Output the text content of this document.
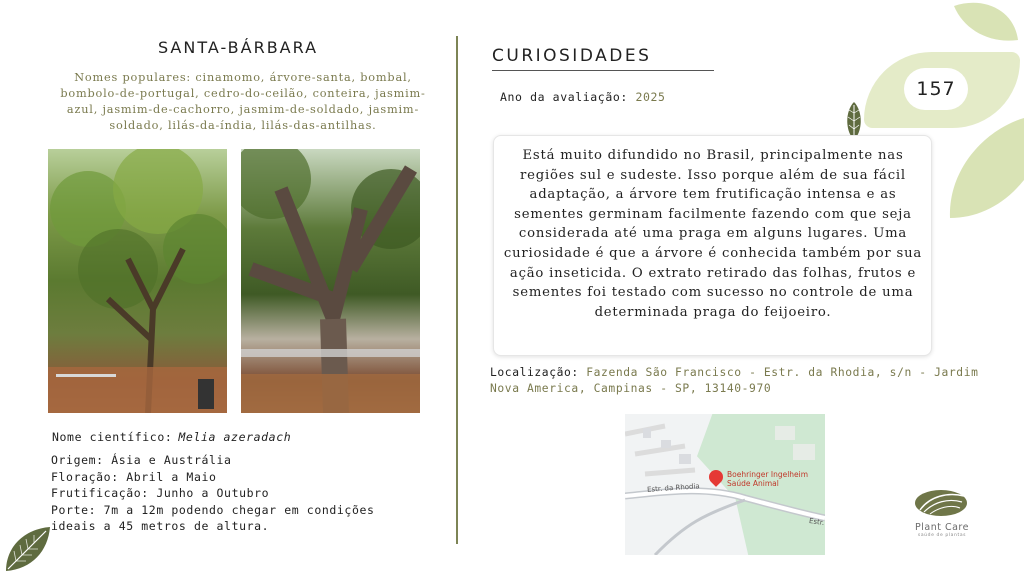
SANTA-BÁRBARA
Nomes populares: cinamomo, árvore-santa, bombal, bombolo-de-portugal, cedro-do-ceilão, conteira, jasmim-azul, jasmim-de-cachorro, jasmim-de-soldado, jasmim-soldado, lilás-da-índia, lilás-das-antilhas.
Nome científico: Melia azeradach

Origem: Ásia e Austrália

Floração: Abril a Maio

Frutificação: Junho a Outubro

Porte: 7m a 12m podendo chegar em condições ideais a 45 metros de altura.

CURIOSIDADES
Ano da avaliação: 2025	157
Está muito difundido no Brasil, principalmente nas regiões sul e sudeste. Isso porque além de sua fácil adaptação, a árvore tem frutificação intensa e as sementes germinam facilmente fazendo com que seja considerada até uma praga em alguns lugares. Uma curiosidade é que a árvore é conhecida também por sua ação inseticida. O extrato retirado das folhas, frutos e sementes foi testado com sucesso no controle de uma determinada praga do feijoeiro.
Localização: Fazenda São Francisco - Estr. da Rhodia, s/n - Jardim Nova America, Campinas - SP, 13140-970
Boehringer Ingelheim Saúde Animal
Estr. da Rhodia
Estr.	Plant Care
saúde de plantas
